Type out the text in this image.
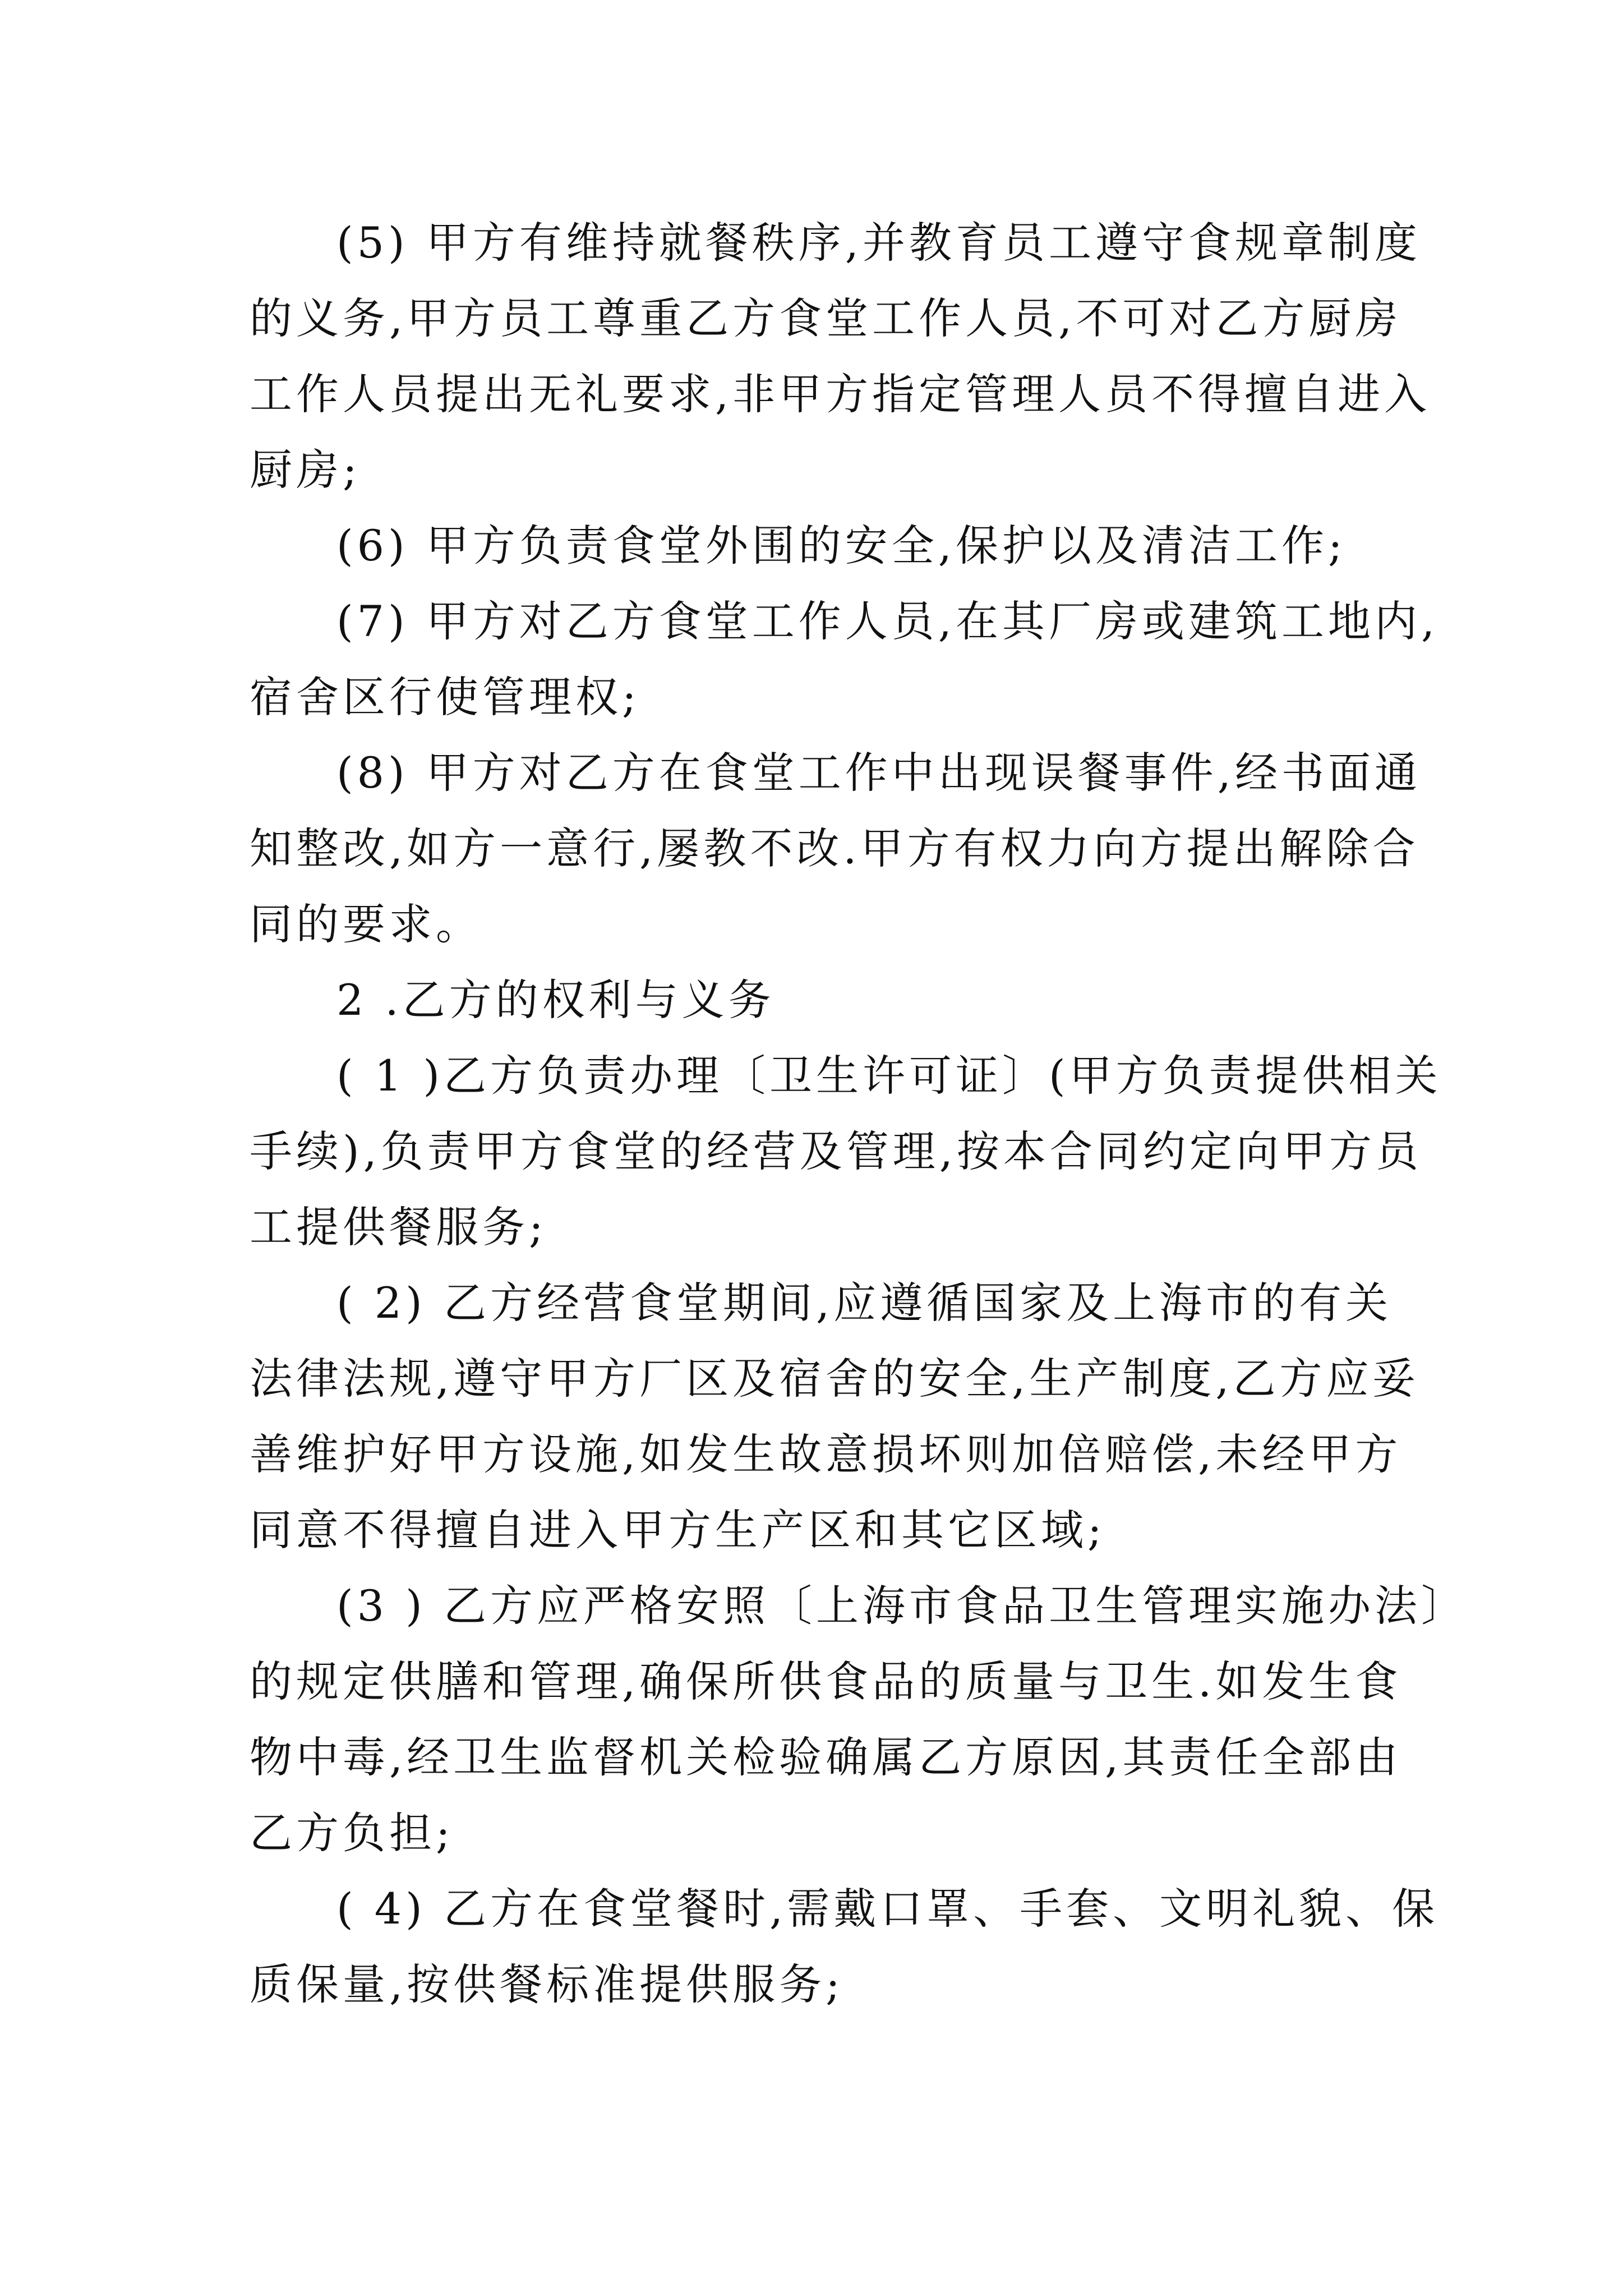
(5) 甲方有维持就餐秩序,并教育员工遵守食规章制度
的义务,甲方员工尊重乙方食堂工作人员,不可对乙方厨房
工作人员提出无礼要求,非甲方指定管理人员不得擅自进入
厨房;
(6) 甲方负责食堂外围的安全,保护以及清洁工作;
(7) 甲方对乙方食堂工作人员,在其厂房或建筑工地内,
宿舍区行使管理权;
(8) 甲方对乙方在食堂工作中出现误餐事件,经书面通
知整改,如方一意行,屡教不改.甲方有权力向方提出解除合
同的要求。
2 .乙方的权利与义务
( 1 )乙方负责办理〔卫生许可证〕(甲方负责提供相关
手续),负责甲方食堂的经营及管理,按本合同约定向甲方员
工提供餐服务;
( 2) 乙方经营食堂期间,应遵循国家及上海市的有关
法律法规,遵守甲方厂区及宿舍的安全,生产制度,乙方应妥
善维护好甲方设施,如发生故意损坏则加倍赔偿,未经甲方
同意不得擅自进入甲方生产区和其它区域;
(3 ) 乙方应严格安照〔上海市食品卫生管理实施办法〕
的规定供膳和管理,确保所供食品的质量与卫生.如发生食
物中毒,经卫生监督机关检验确属乙方原因,其责任全部由
乙方负担;
( 4) 乙方在食堂餐时,需戴口罩、手套、文明礼貌、保
质保量,按供餐标准提供服务;
